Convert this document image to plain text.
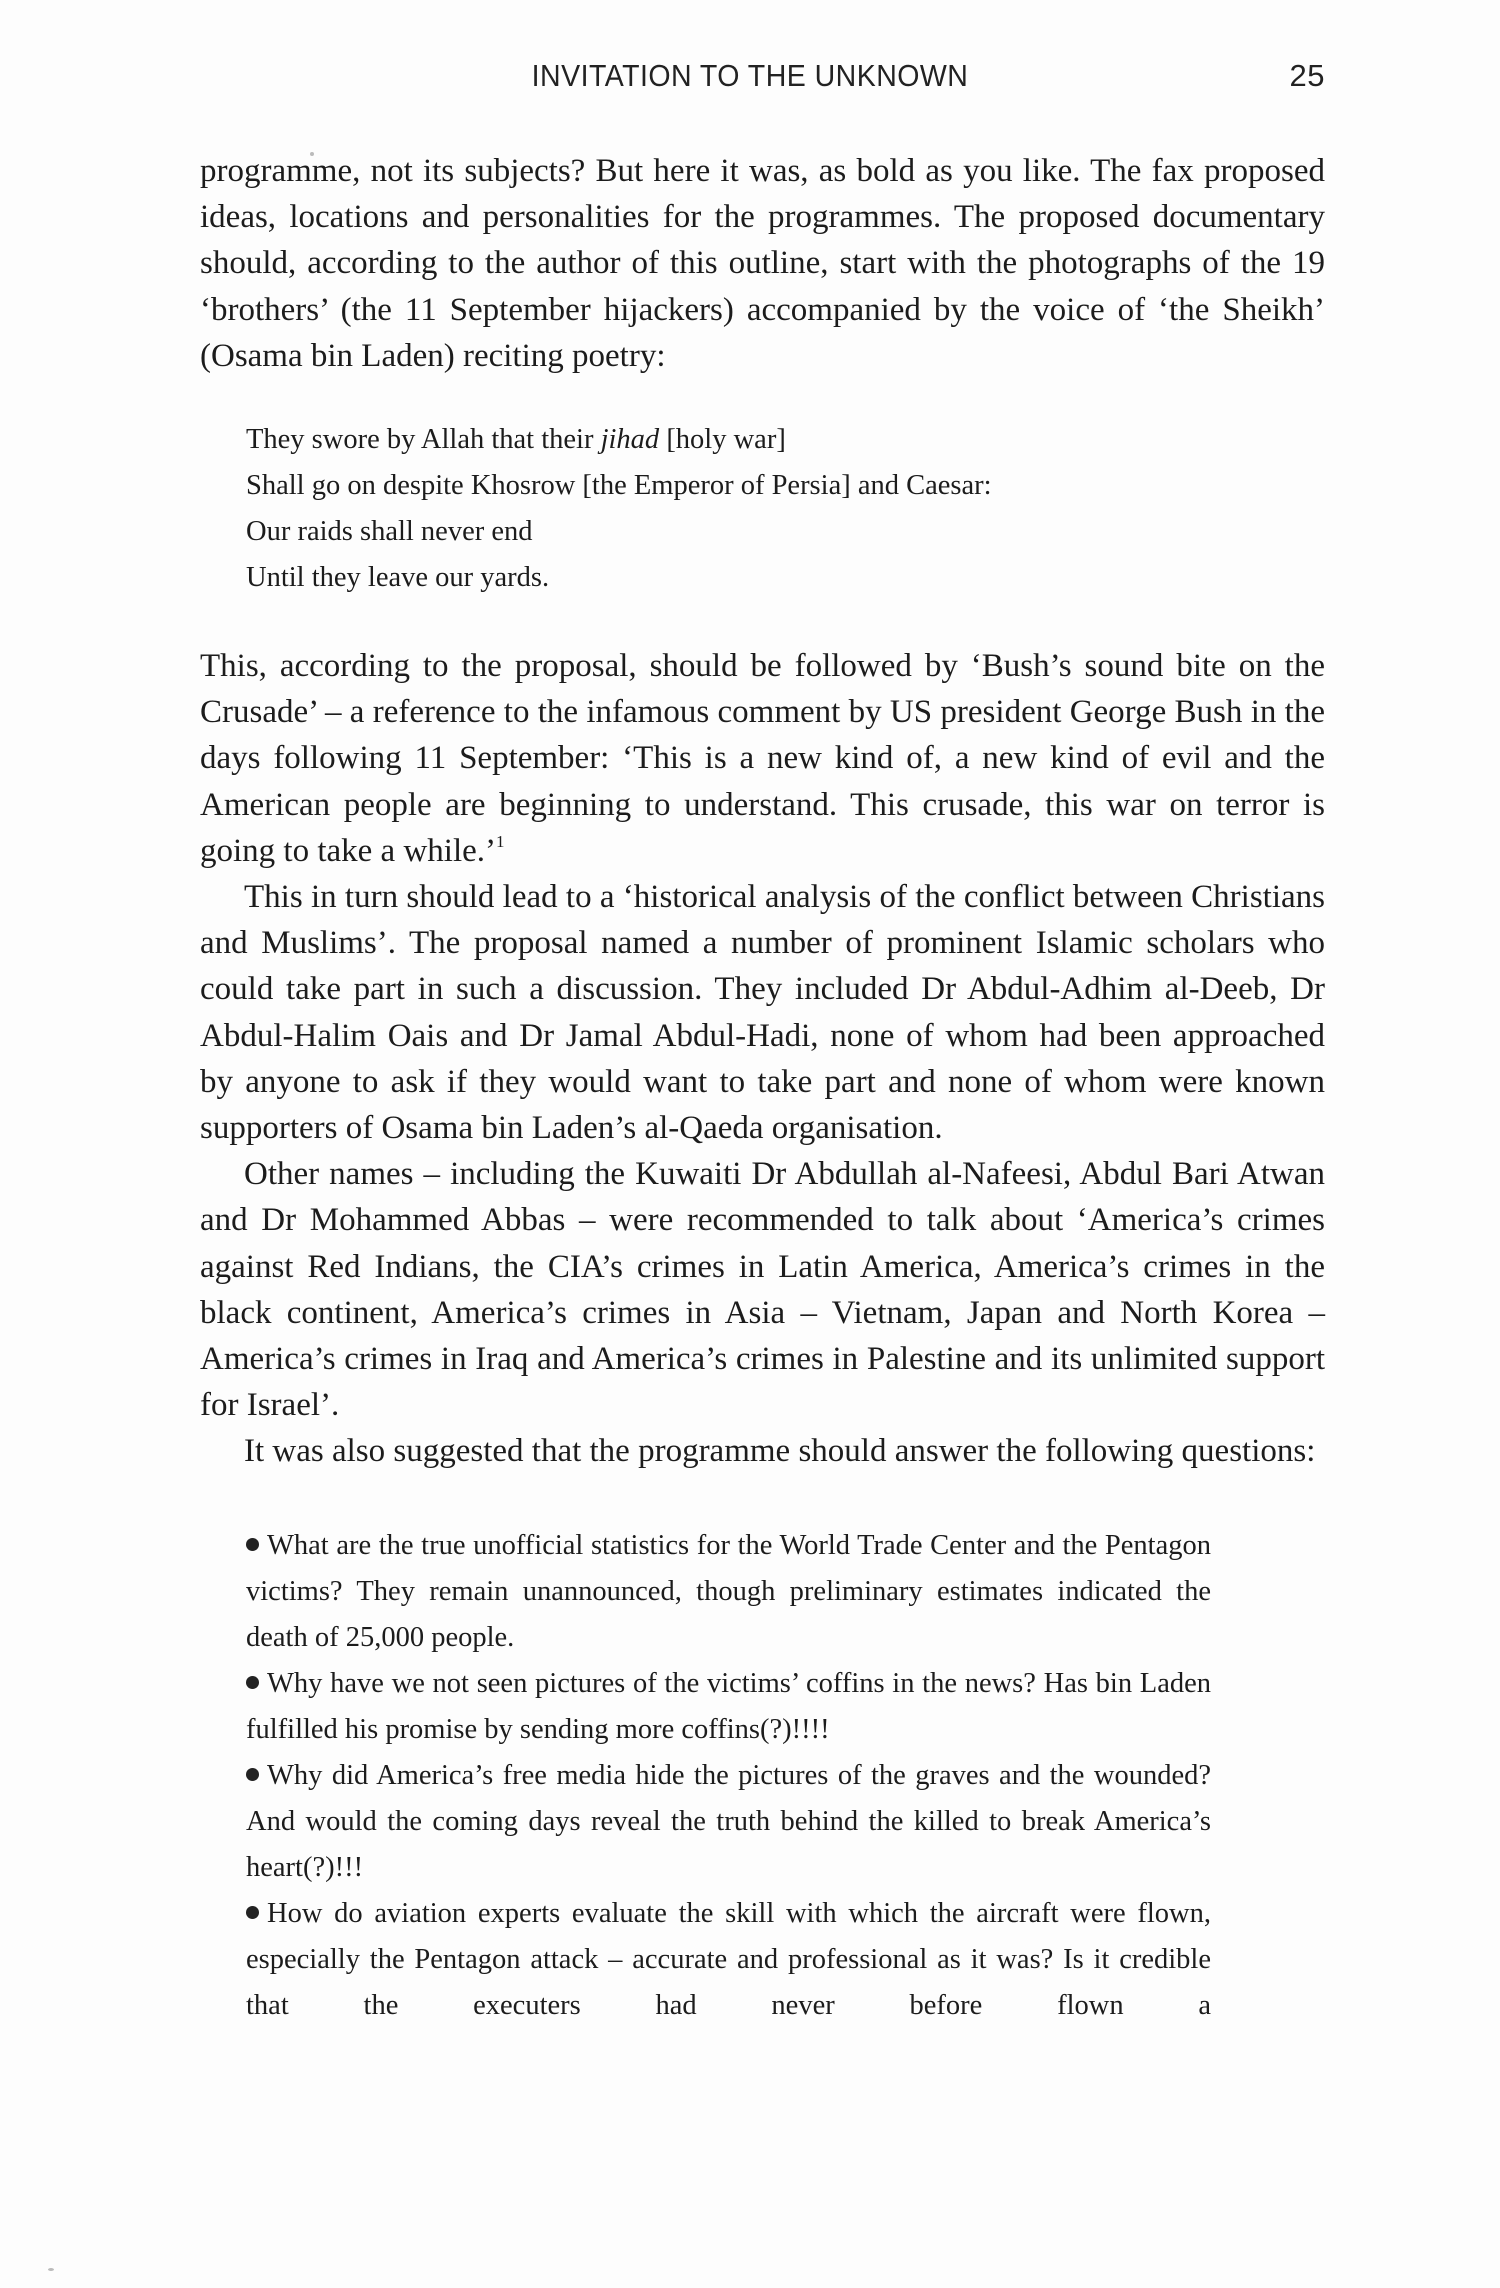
INVITATION TO THE UNKNOWN	25

programme, not its subjects? But here it was, as bold as you like. The fax proposed ideas, locations and personalities for the programmes. The proposed documentary should, according to the author of this outline, start with the photographs of the 19 ‘brothers’ (the 11 September hijackers) accompanied by the voice of ‘the Sheikh’ (Osama bin Laden) reciting poetry:

They swore by Allah that their jihad [holy war]
Shall go on despite Khosrow [the Emperor of Persia] and Caesar:
Our raids shall never end
Until they leave our yards.

This, according to the proposal, should be followed by ‘Bush’s sound bite on the Crusade’ – a reference to the infamous comment by US president George Bush in the days following 11 September: ‘This is a new kind of, a new kind of evil and the American people are beginning to understand. This crusade, this war on terror is going to take a while.’$^1$

This in turn should lead to a ‘historical analysis of the conflict between Christians and Muslims’. The proposal named a number of prominent Islamic scholars who could take part in such a discussion. They included Dr Abdul-Adhim al-Deeb, Dr Abdul-Halim Oais and Dr Jamal Abdul-Hadi, none of whom had been approached by anyone to ask if they would want to take part and none of whom were known supporters of Osama bin Laden’s al-Qaeda organisation.

Other names – including the Kuwaiti Dr Abdullah al-Nafeesi, Abdul Bari Atwan and Dr Mohammed Abbas – were recommended to talk about ‘America’s crimes against Red Indians, the CIA’s crimes in Latin America, America’s crimes in the black continent, America’s crimes in Asia – Vietnam, Japan and North Korea – America’s crimes in Iraq and America’s crimes in Palestine and its unlimited support for Israel’.

It was also suggested that the programme should answer the following questions:

What are the true unofficial statistics for the World Trade Center and the Pentagon victims? They remain unannounced, though preliminary estimates indicated the death of 25,000 people.

Why have we not seen pictures of the victims’ coffins in the news? Has bin Laden fulfilled his promise by sending more coffins(?)!!!!

Why did America’s free media hide the pictures of the graves and the wounded? And would the coming days reveal the truth behind the killed to break America’s heart(?)!!!

How do aviation experts evaluate the skill with which the aircraft were flown, especially the Pentagon attack – accurate and professional as it was? Is it credible that the executers had never before flown a
